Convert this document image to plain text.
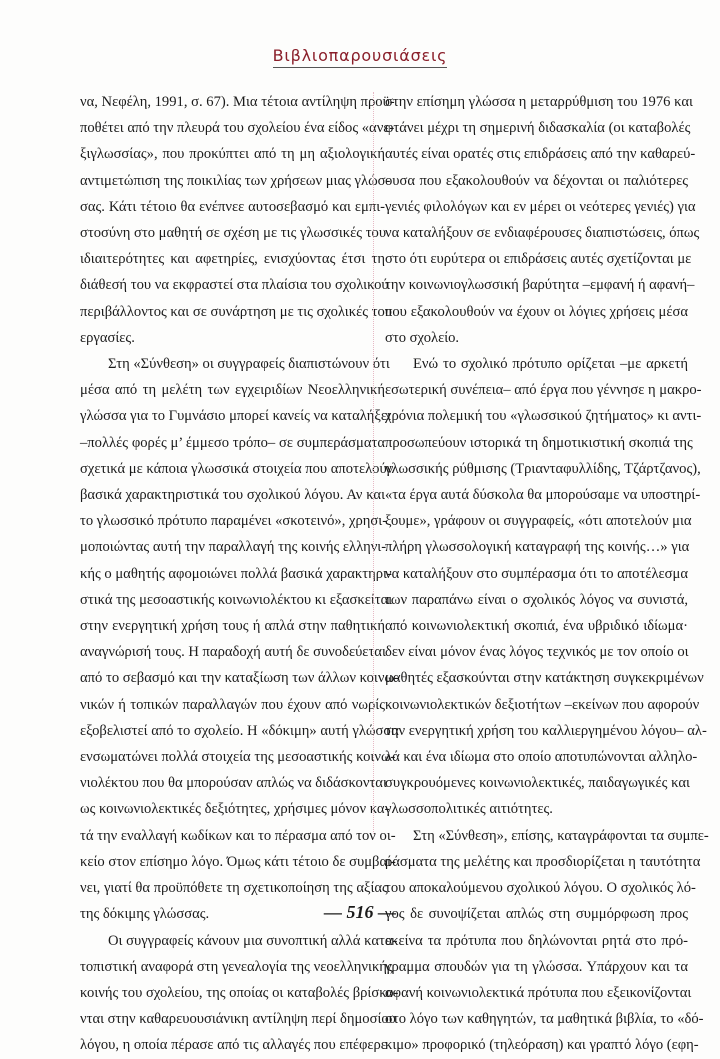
Βιβλιοπαρουσιάσεις
να, Νεφέλη, 1991, σ. 67). Μια τέτοια αντίληψη προϋ-
ποθέτει από την πλευρά του σχολείου ένα είδος «ανε-
ξιγλωσσίας», που προκύπτει από τη μη αξιολογική
αντιμετώπιση της ποικιλίας των χρήσεων μιας γλώσ-
σας. Κάτι τέτοιο θα ενέπνεε αυτοσεβασμό και εμπι-
στοσύνη στο μαθητή σε σχέση με τις γλωσσικές του
ιδιαιτερότητες και αφετηρίες, ενισχύοντας έτσι τη
διάθεσή του να εκφραστεί στα πλαίσια του σχολικού
περιβάλλοντος και σε συνάρτηση με τις σχολικές του
εργασίες.
Στη «Σύνθεση» οι συγγραφείς διαπιστώνουν ότι
μέσα από τη μελέτη των εγχειριδίων Νεοελληνική
γλώσσα για το Γυμνάσιο μπορεί κανείς να καταλήξει
–πολλές φορές μ’ έμμεσο τρόπο– σε συμπεράσματα
σχετικά με κάποια γλωσσικά στοιχεία που αποτελούν
βασικά χαρακτηριστικά του σχολικού λόγου. Αν και
το γλωσσικό πρότυπο παραμένει «σκοτεινό», χρησι-
μοποιώντας αυτή την παραλλαγή της κοινής ελληνι-
κής ο μαθητής αφομοιώνει πολλά βασικά χαρακτηρι-
στικά της μεσοαστικής κοινωνιολέκτου κι εξασκείται
στην ενεργητική χρήση τους ή απλά στην παθητική
αναγνώρισή τους. Η παραδοχή αυτή δε συνοδεύεται
από το σεβασμό και την καταξίωση των άλλων κοινω-
νικών ή τοπικών παραλλαγών που έχουν από νωρίς
εξοβελιστεί από το σχολείο. Η «δόκιμη» αυτή γλώσσα
ενσωματώνει πολλά στοιχεία της μεσοαστικής κοινω-
νιολέκτου που θα μπορούσαν απλώς να διδάσκονται
ως κοινωνιολεκτικές δεξιότητες, χρήσιμες μόνον κα-
τά την εναλλαγή κωδίκων και το πέρασμα από τον οι-
κείο στον επίσημο λόγο. Όμως κάτι τέτοιο δε συμβαί-
νει, γιατί θα προϋπόθετε τη σχετικοποίηση της αξίας
της δόκιμης γλώσσας.
Οι συγγραφείς κάνουν μια συνοπτική αλλά κατα-
τοπιστική αναφορά στη γενεαλογία της νεοελληνικής
κοινής του σχολείου, της οποίας οι καταβολές βρίσκο-
νται στην καθαρευουσιάνικη αντίληψη περί δημοσίου
λόγου, η οποία πέρασε από τις αλλαγές που επέφερε
στην επίσημη γλώσσα η μεταρρύθμιση του 1976 και
φτάνει μέχρι τη σημερινή διδασκαλία (οι καταβολές
αυτές είναι ορατές στις επιδράσεις από την καθαρεύ-
ουσα που εξακολουθούν να δέχονται οι παλιότερες
γενιές φιλολόγων και εν μέρει οι νεότερες γενιές) για
να καταλήξουν σε ενδιαφέρουσες διαπιστώσεις, όπως
στο ότι ευρύτερα οι επιδράσεις αυτές σχετίζονται με
την κοινωνιογλωσσική βαρύτητα –εμφανή ή αφανή–
που εξακολουθούν να έχουν οι λόγιες χρήσεις μέσα
στο σχολείο.
Ενώ το σχολικό πρότυπο ορίζεται –με αρκετή
εσωτερική συνέπεια– από έργα που γέννησε η μακρο-
χρόνια πολεμική του «γλωσσικού ζητήματος» κι αντι-
προσωπεύουν ιστορικά τη δημοτικιστική σκοπιά της
γλωσσικής ρύθμισης (Τριανταφυλλίδης, Τζάρτζανος),
«τα έργα αυτά δύσκολα θα μπορούσαμε να υποστηρί-
ξουμε», γράφουν οι συγγραφείς, «ότι αποτελούν μια
πλήρη γλωσσολογική καταγραφή της κοινής…» για
να καταλήξουν στο συμπέρασμα ότι το αποτέλεσμα
των παραπάνω είναι ο σχολικός λόγος να συνιστά,
από κοινωνιολεκτική σκοπιά, ένα υβριδικό ιδίωμα·
δεν είναι μόνον ένας λόγος τεχνικός με τον οποίο οι
μαθητές εξασκούνται στην κατάκτηση συγκεκριμένων
κοινωνιολεκτικών δεξιοτήτων –εκείνων που αφορούν
την ενεργητική χρήση του καλλιεργημένου λόγου– αλ-
λά και ένα ιδίωμα στο οποίο αποτυπώνονται αλληλο-
συγκρουόμενες κοινωνιολεκτικές, παιδαγωγικές και
γλωσσοπολιτικές αιτιότητες.
Στη «Σύνθεση», επίσης, καταγράφονται τα συμπε-
ράσματα της μελέτης και προσδιορίζεται η ταυτότητα
του αποκαλούμενου σχολικού λόγου. Ο σχολικός λό-
γος δε συνοψίζεται απλώς στη συμμόρφωση προς
εκείνα τα πρότυπα που δηλώνονται ρητά στο πρό-
γραμμα σπουδών για τη γλώσσα. Υπάρχουν και τα
αφανή κοινωνιολεκτικά πρότυπα που εξεικονίζονται
στο λόγο των καθηγητών, τα μαθητικά βιβλία, το «δό-
κιμο» προφορικό (τηλεόραση) και γραπτό λόγο (εφη-
— 516 —
